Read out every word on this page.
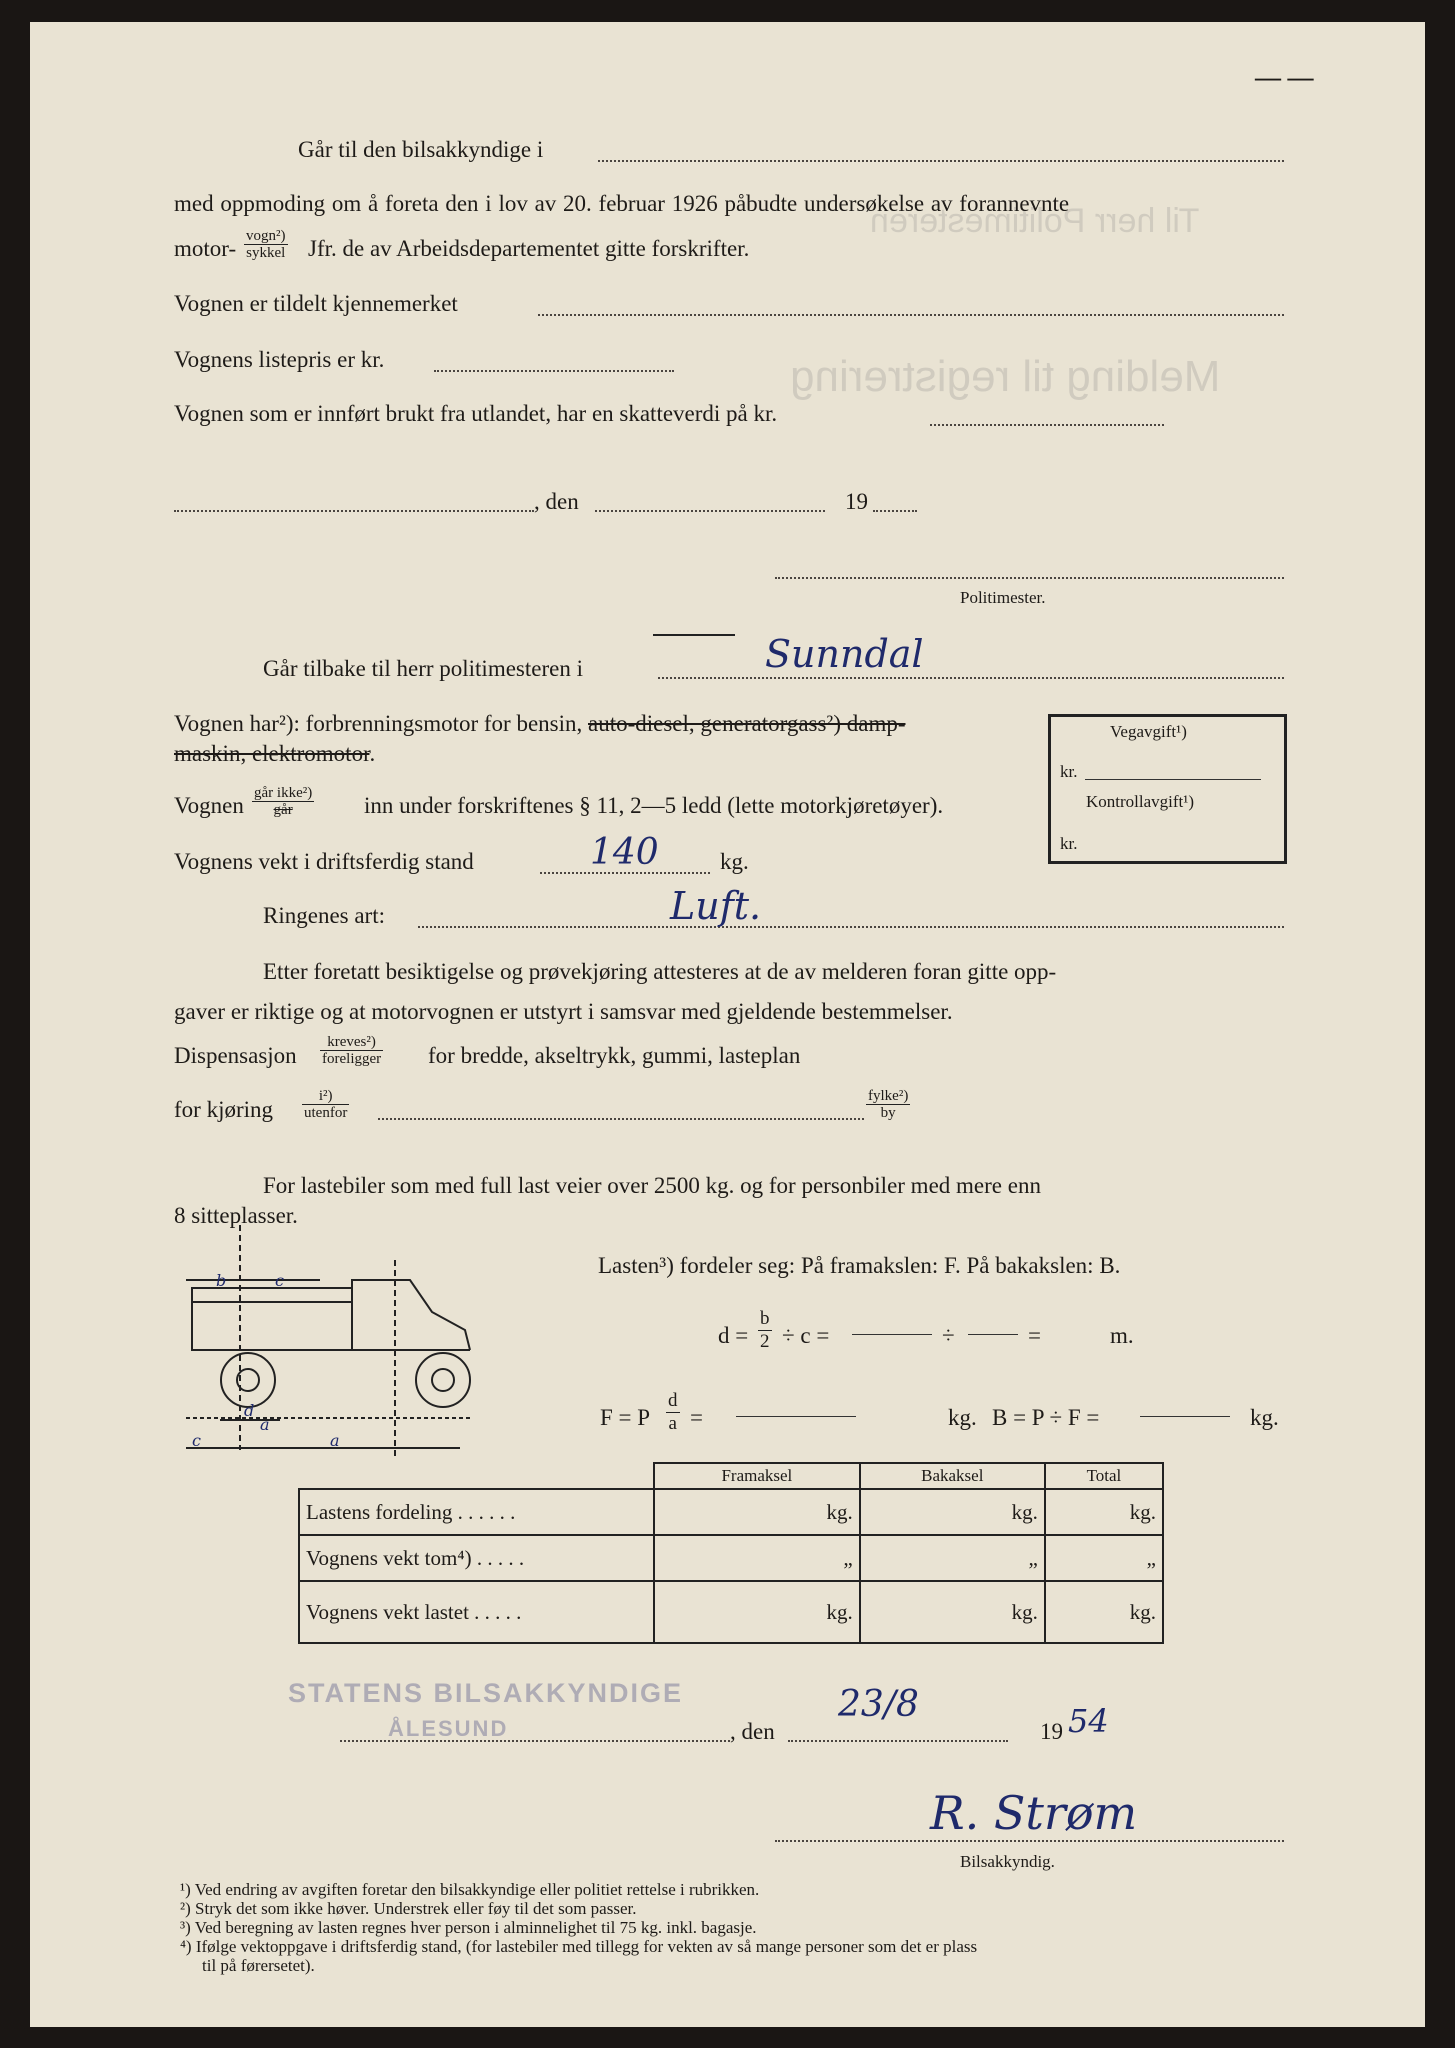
Til herr Politimesteren
Melding til registrering
— —
Går til den bilsakkyndige i
med oppmoding om å foreta den i lov av 20. februar 1926 påbudte undersøkelse av forannevnte
motor- vogn²)
sykkel Jfr. de av Arbeidsdepartementet gitte forskrifter.
Vognen er tildelt kjennemerket
Vognens listepris er kr.
Vognen som er innført brukt fra utlandet, har en skatteverdi på kr.
, den	19
Politimester.
Går tilbake til herr politimesteren i	Sunndal
Vognen har²): forbrenningsmotor for bensin, auto-diesel, generatorgass²) damp-
maskin, elektromotor.
Vognen går ikke²)
går	inn under forskriftenes § 11, 2—5 ledd (lette motorkjøretøyer).
Vognens vekt i driftsferdig stand	140	kg.
Ringenes art:	Luft.
Vegavgift¹)
kr.
Kontrollavgift¹)
kr.
Etter foretatt besiktigelse og prøvekjøring attesteres at de av melderen foran gitte opp-
gaver er riktige og at motorvognen er utstyrt i samsvar med gjeldende bestemmelser.
Dispensasjon
kreves²)
foreligger for bredde, akseltrykk, gummi, lasteplan
for kjøring
i²)
utenfor
fylke²)
by
For lastebiler som med full last veier over 2500 kg. og for personbiler med mere enn
8 sitteplasser.
b	c
d
a
c	a
Lasten³) fordeler seg: På framakslen: F. På bakakslen: B.
$d = \frac{b}{2} \div c$ =	÷	=	m.
F = P $\frac{d}{a}$ =	kg. B = P ÷ F =	kg.
	Framaksel	Bakaksel	Total
Lastens fordeling . . . . . .	kg.	kg.	kg.
Vognens vekt tom⁴) . . . . .	„	„	„
Vognens vekt lastet . . . . .	kg.	kg.	kg.
STATENS BILSAKKYNDIGE
ÅLESUND	, den
23/8
19 54
R. Strøm
Bilsakkyndig.
¹) Ved endring av avgiften foretar den bilsakkyndige eller politiet rettelse i rubrikken.
²) Stryk det som ikke høver. Understrek eller føy til det som passer.
³) Ved beregning av lasten regnes hver person i alminnelighet til 75 kg. inkl. bagasje.
⁴) Ifølge vektoppgave i driftsferdig stand, (for lastebiler med tillegg for vekten av så mange personer som det er plass
til på førersetet).
